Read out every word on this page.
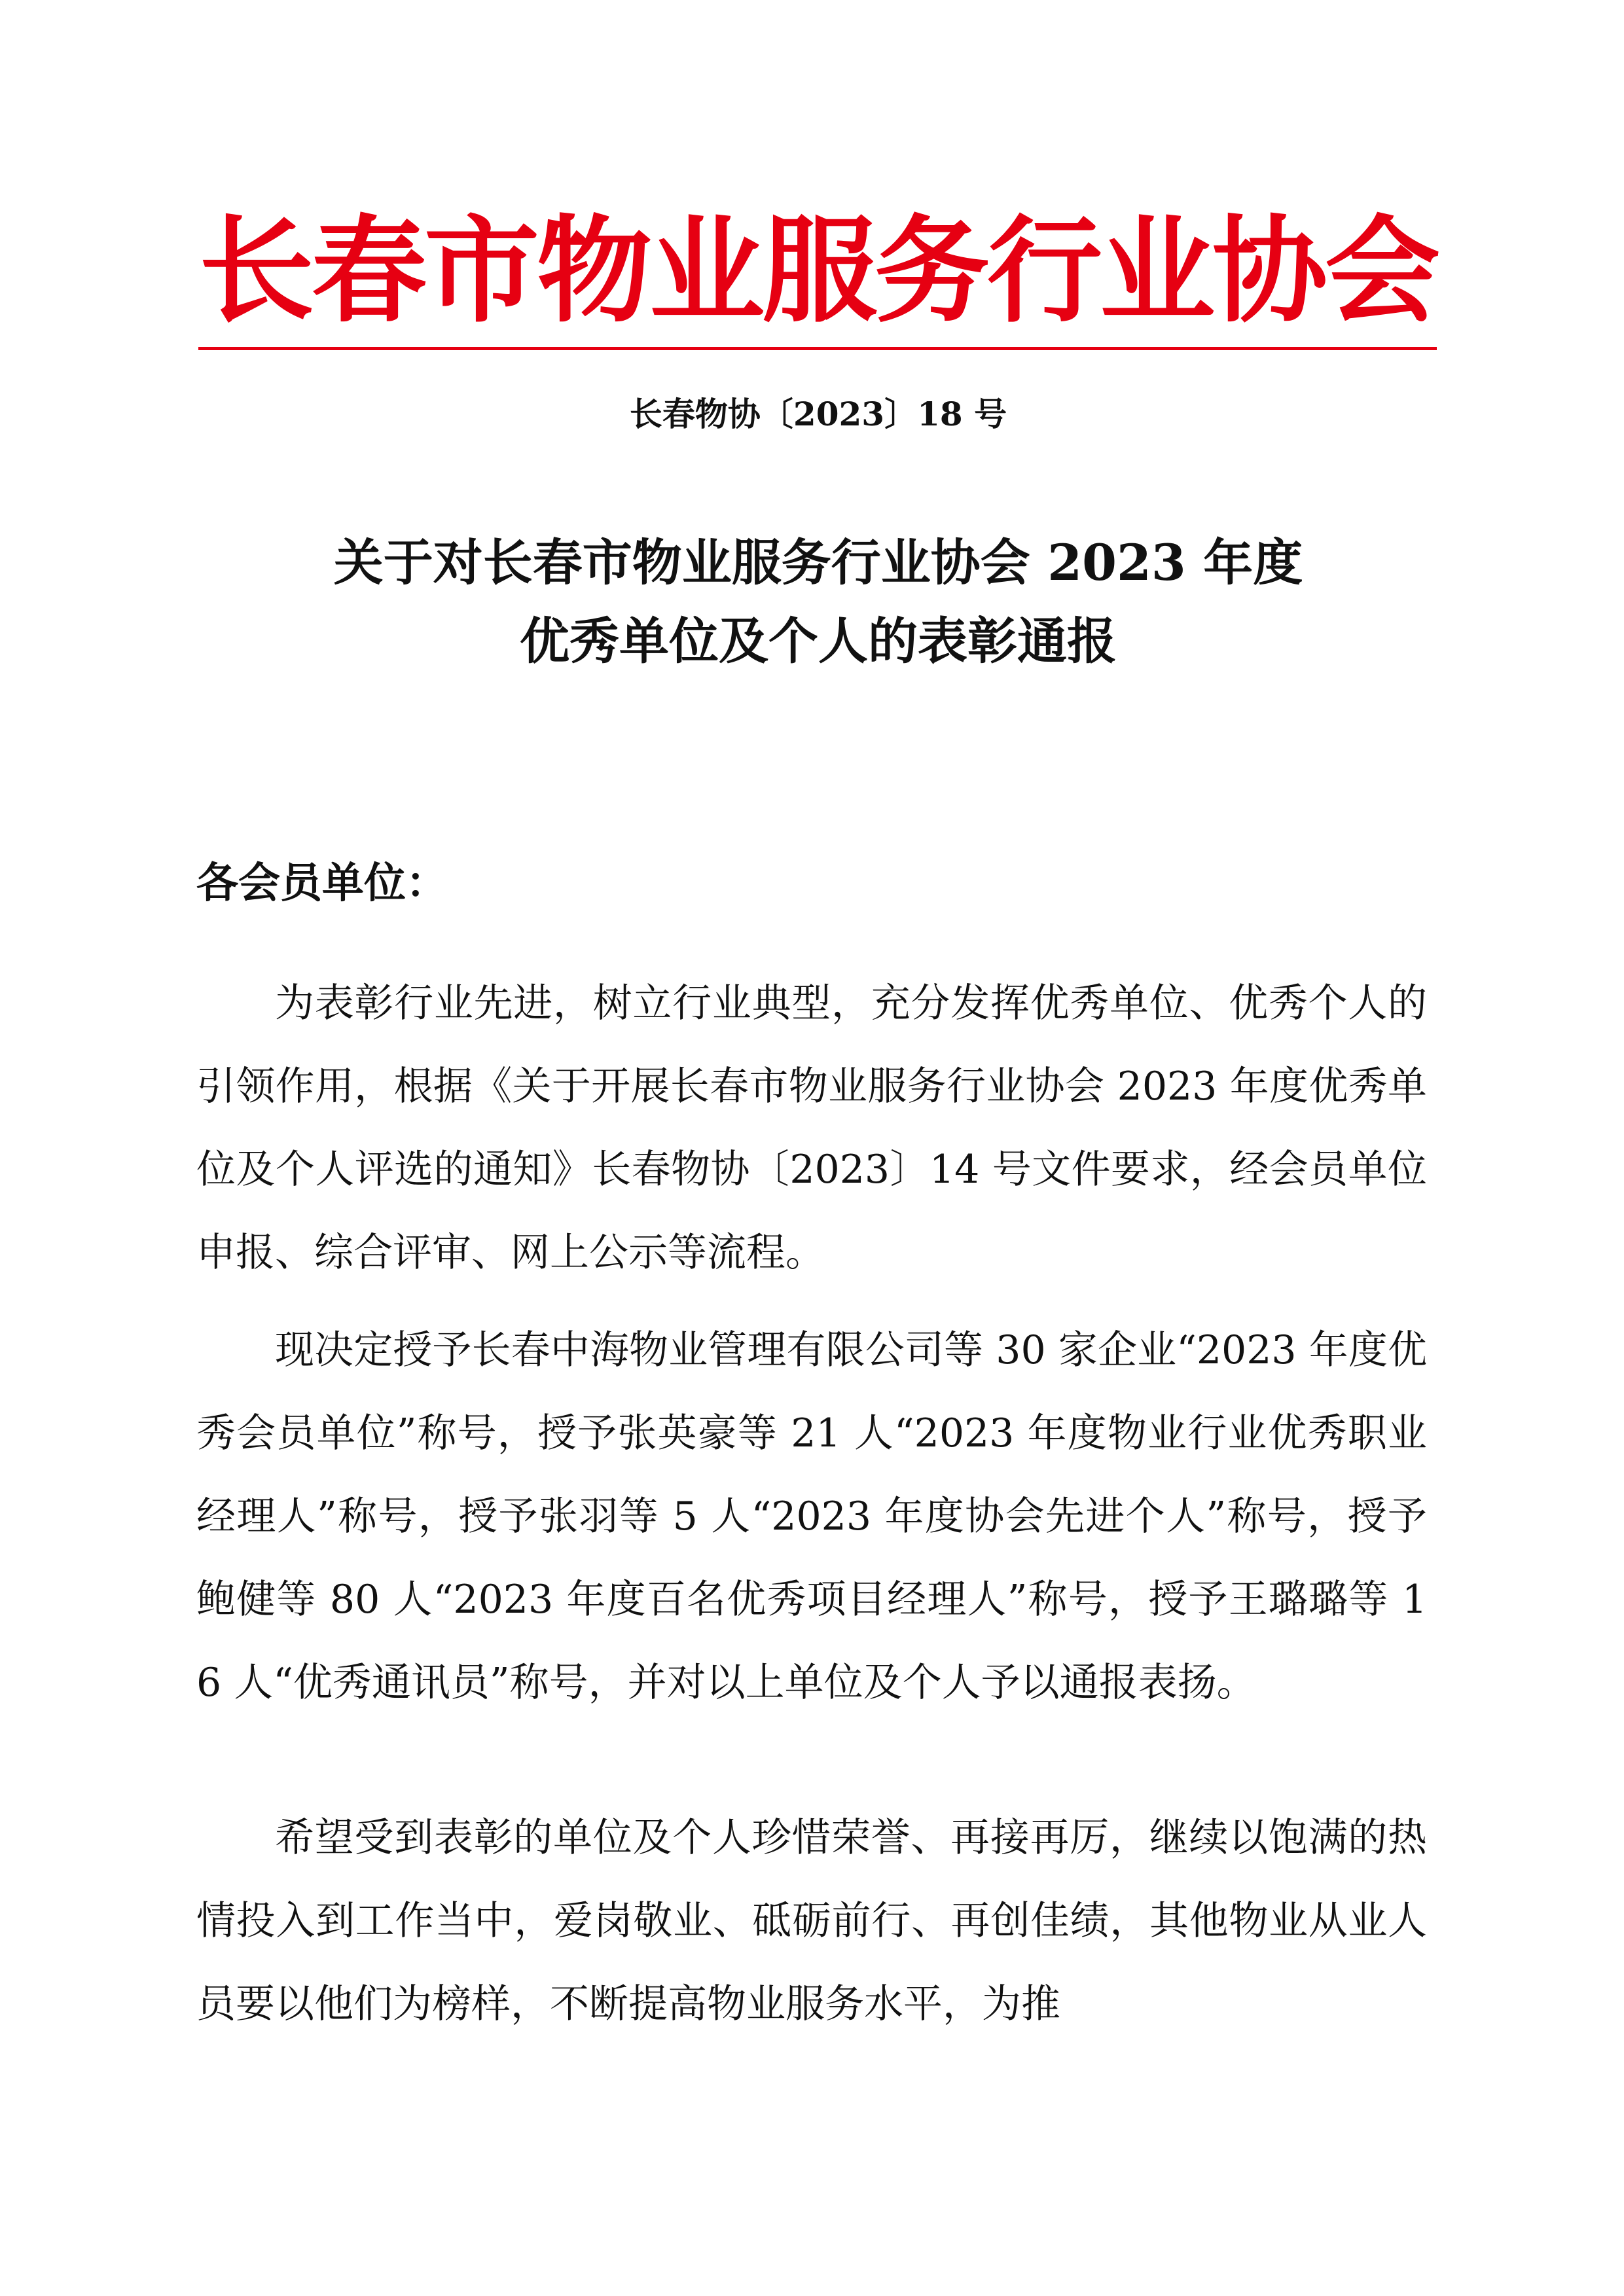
长春市物业服务行业协会
长春物协〔2023〕18 号
关于对长春市物业服务行业协会 2023 年度
优秀单位及个人的表彰通报
各会员单位：
为表彰行业先进，树立行业典型，充分发挥优秀单位、优秀个人的引领作用，根据《关于开展长春市物业服务行业协会 2023 年度优秀单位及个人评选的通知》长春物协〔2023〕14 号文件要求，经会员单位申报、综合评审、网上公示等流程。
现决定授予长春中海物业管理有限公司等 30 家企业“2023 年度优秀会员单位”称号，授予张英豪等 21 人“2023 年度物业行业优秀职业经理人”称号，授予张羽等 5 人“2023 年度协会先进个人”称号，授予鲍健等 80 人“2023 年度百名优秀项目经理人”称号，授予王璐璐等 16 人“优秀通讯员”称号，并对以上单位及个人予以通报表扬。
希望受到表彰的单位及个人珍惜荣誉、再接再厉，继续以饱满的热情投入到工作当中，爱岗敬业、砥砺前行、再创佳绩，其他物业从业人员要以他们为榜样，不断提高物业服务水平，为推
